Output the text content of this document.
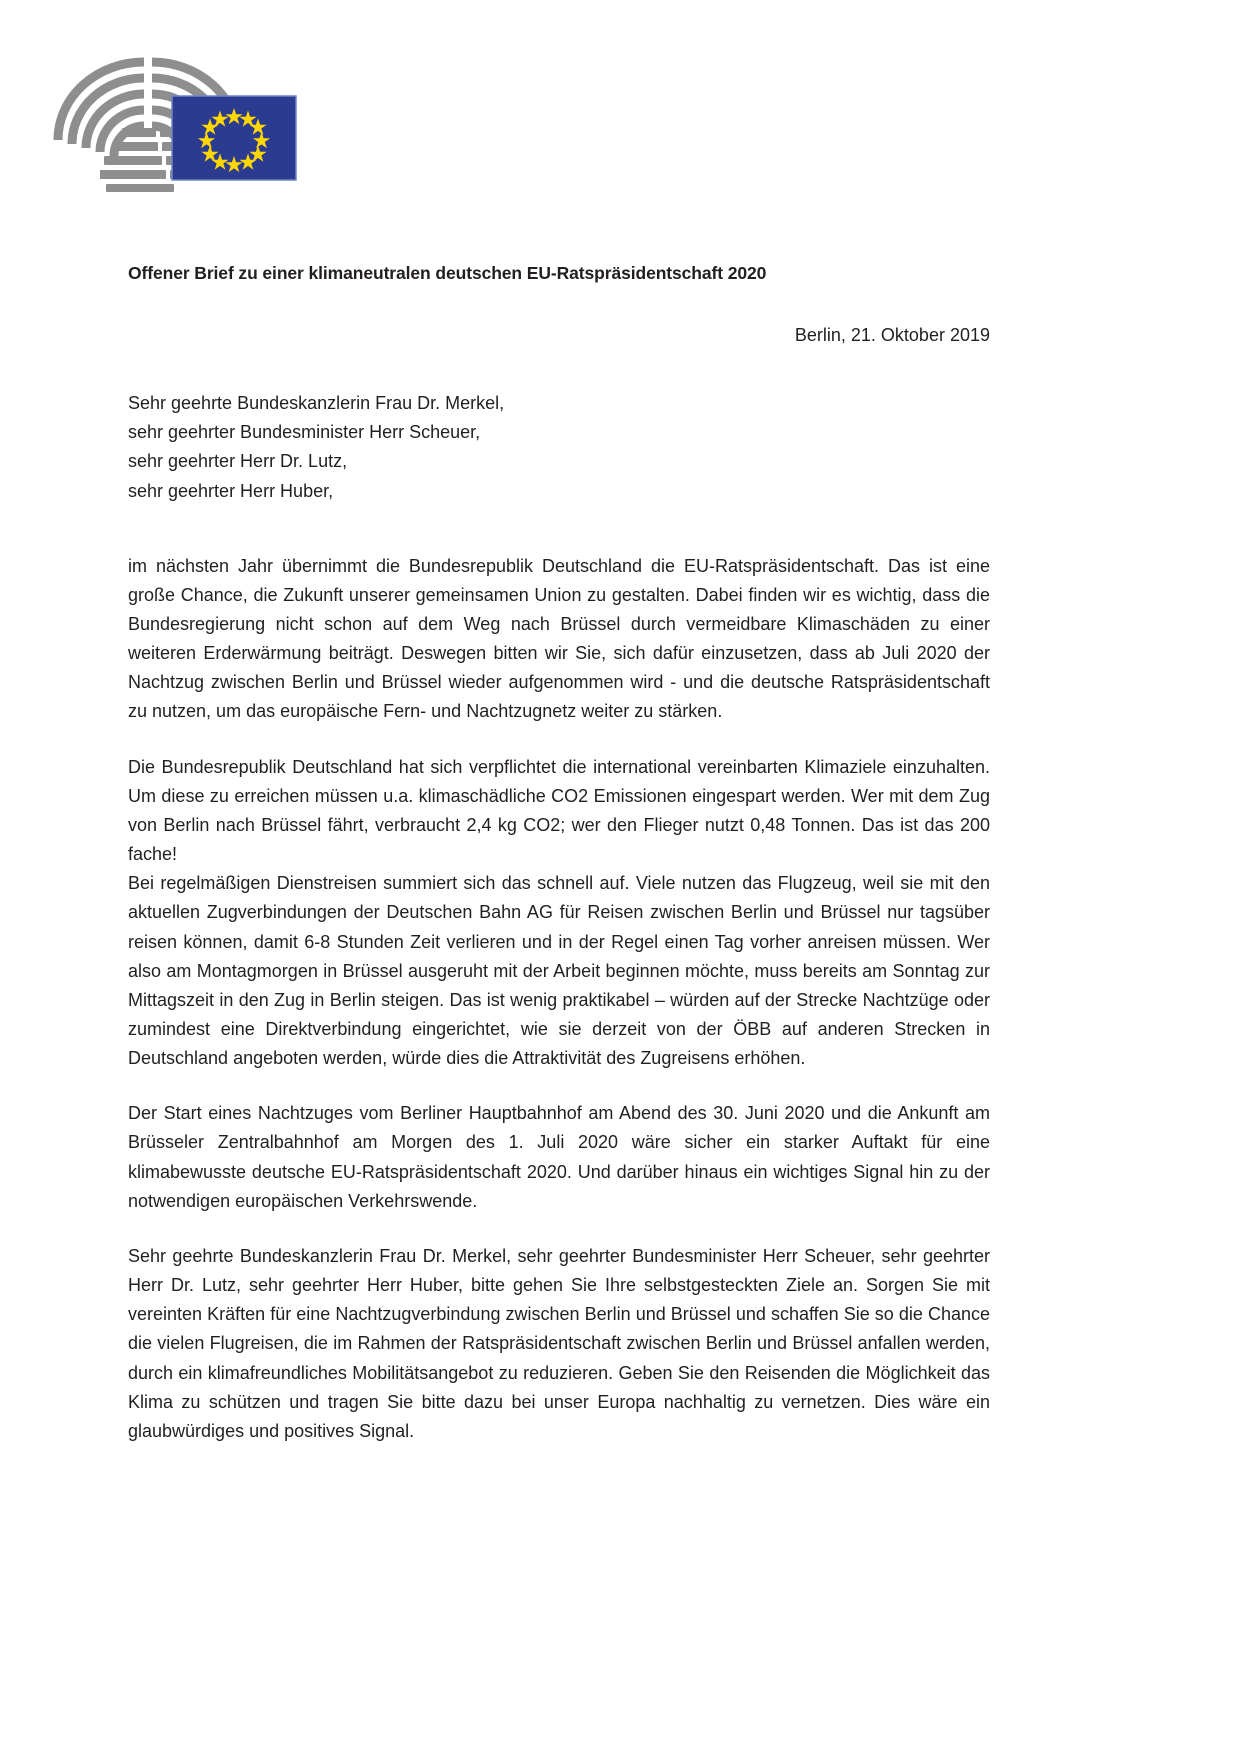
Offener Brief zu einer klimaneutralen deutschen EU-Ratspräsidentschaft 2020
Berlin, 21. Oktober 2019
Sehr geehrte Bundeskanzlerin Frau Dr. Merkel,
sehr geehrter Bundesminister Herr Scheuer,
sehr geehrter Herr Dr. Lutz,
sehr geehrter Herr Huber,

im nächsten Jahr übernimmt die Bundesrepublik Deutschland die EU-Ratspräsidentschaft. Das ist eine große Chance, die Zukunft unserer gemeinsamen Union zu gestalten. Dabei finden wir es wichtig, dass die Bundesregierung nicht schon auf dem Weg nach Brüssel durch vermeidbare Klimaschäden zu einer weiteren Erderwärmung beiträgt. Deswegen bitten wir Sie, sich dafür einzusetzen, dass ab Juli 2020 der Nachtzug zwischen Berlin und Brüssel wieder aufgenommen wird - und die deutsche Ratspräsidentschaft zu nutzen, um das europäische Fern- und Nachtzugnetz weiter zu stärken.

Die Bundesrepublik Deutschland hat sich verpflichtet die international vereinbarten Klimaziele einzuhalten. Um diese zu erreichen müssen u.a. klimaschädliche CO2 Emissionen eingespart werden. Wer mit dem Zug von Berlin nach Brüssel fährt, verbraucht 2,4 kg CO2; wer den Flieger nutzt 0,48 Tonnen. Das ist das 200 fache!

Bei regelmäßigen Dienstreisen summiert sich das schnell auf. Viele nutzen das Flugzeug, weil sie mit den aktuellen Zugverbindungen der Deutschen Bahn AG für Reisen zwischen Berlin und Brüssel nur tagsüber reisen können, damit 6-8 Stunden Zeit verlieren und in der Regel einen Tag vorher anreisen müssen. Wer also am Montagmorgen in Brüssel ausgeruht mit der Arbeit beginnen möchte, muss bereits am Sonntag zur Mittagszeit in den Zug in Berlin steigen. Das ist wenig praktikabel – würden auf der Strecke Nachtzüge oder zumindest eine Direktverbindung eingerichtet, wie sie derzeit von der ÖBB auf anderen Strecken in Deutschland angeboten werden, würde dies die Attraktivität des Zugreisens erhöhen.

Der Start eines Nachtzuges vom Berliner Hauptbahnhof am Abend des 30. Juni 2020 und die Ankunft am Brüsseler Zentralbahnhof am Morgen des 1. Juli 2020 wäre sicher ein starker Auftakt für eine klimabewusste deutsche EU-Ratspräsidentschaft 2020. Und darüber hinaus ein wichtiges Signal hin zu der notwendigen europäischen Verkehrswende.

Sehr geehrte Bundeskanzlerin Frau Dr. Merkel, sehr geehrter Bundesminister Herr Scheuer, sehr geehrter Herr Dr. Lutz, sehr geehrter Herr Huber, bitte gehen Sie Ihre selbstgesteckten Ziele an. Sorgen Sie mit vereinten Kräften für eine Nachtzugverbindung zwischen Berlin und Brüssel und schaffen Sie so die Chance die vielen Flugreisen, die im Rahmen der Ratspräsidentschaft zwischen Berlin und Brüssel anfallen werden, durch ein klimafreundliches Mobilitätsangebot zu reduzieren. Geben Sie den Reisenden die Möglichkeit das Klima zu schützen und tragen Sie bitte dazu bei unser Europa nachhaltig zu vernetzen. Dies wäre ein glaubwürdiges und positives Signal.
